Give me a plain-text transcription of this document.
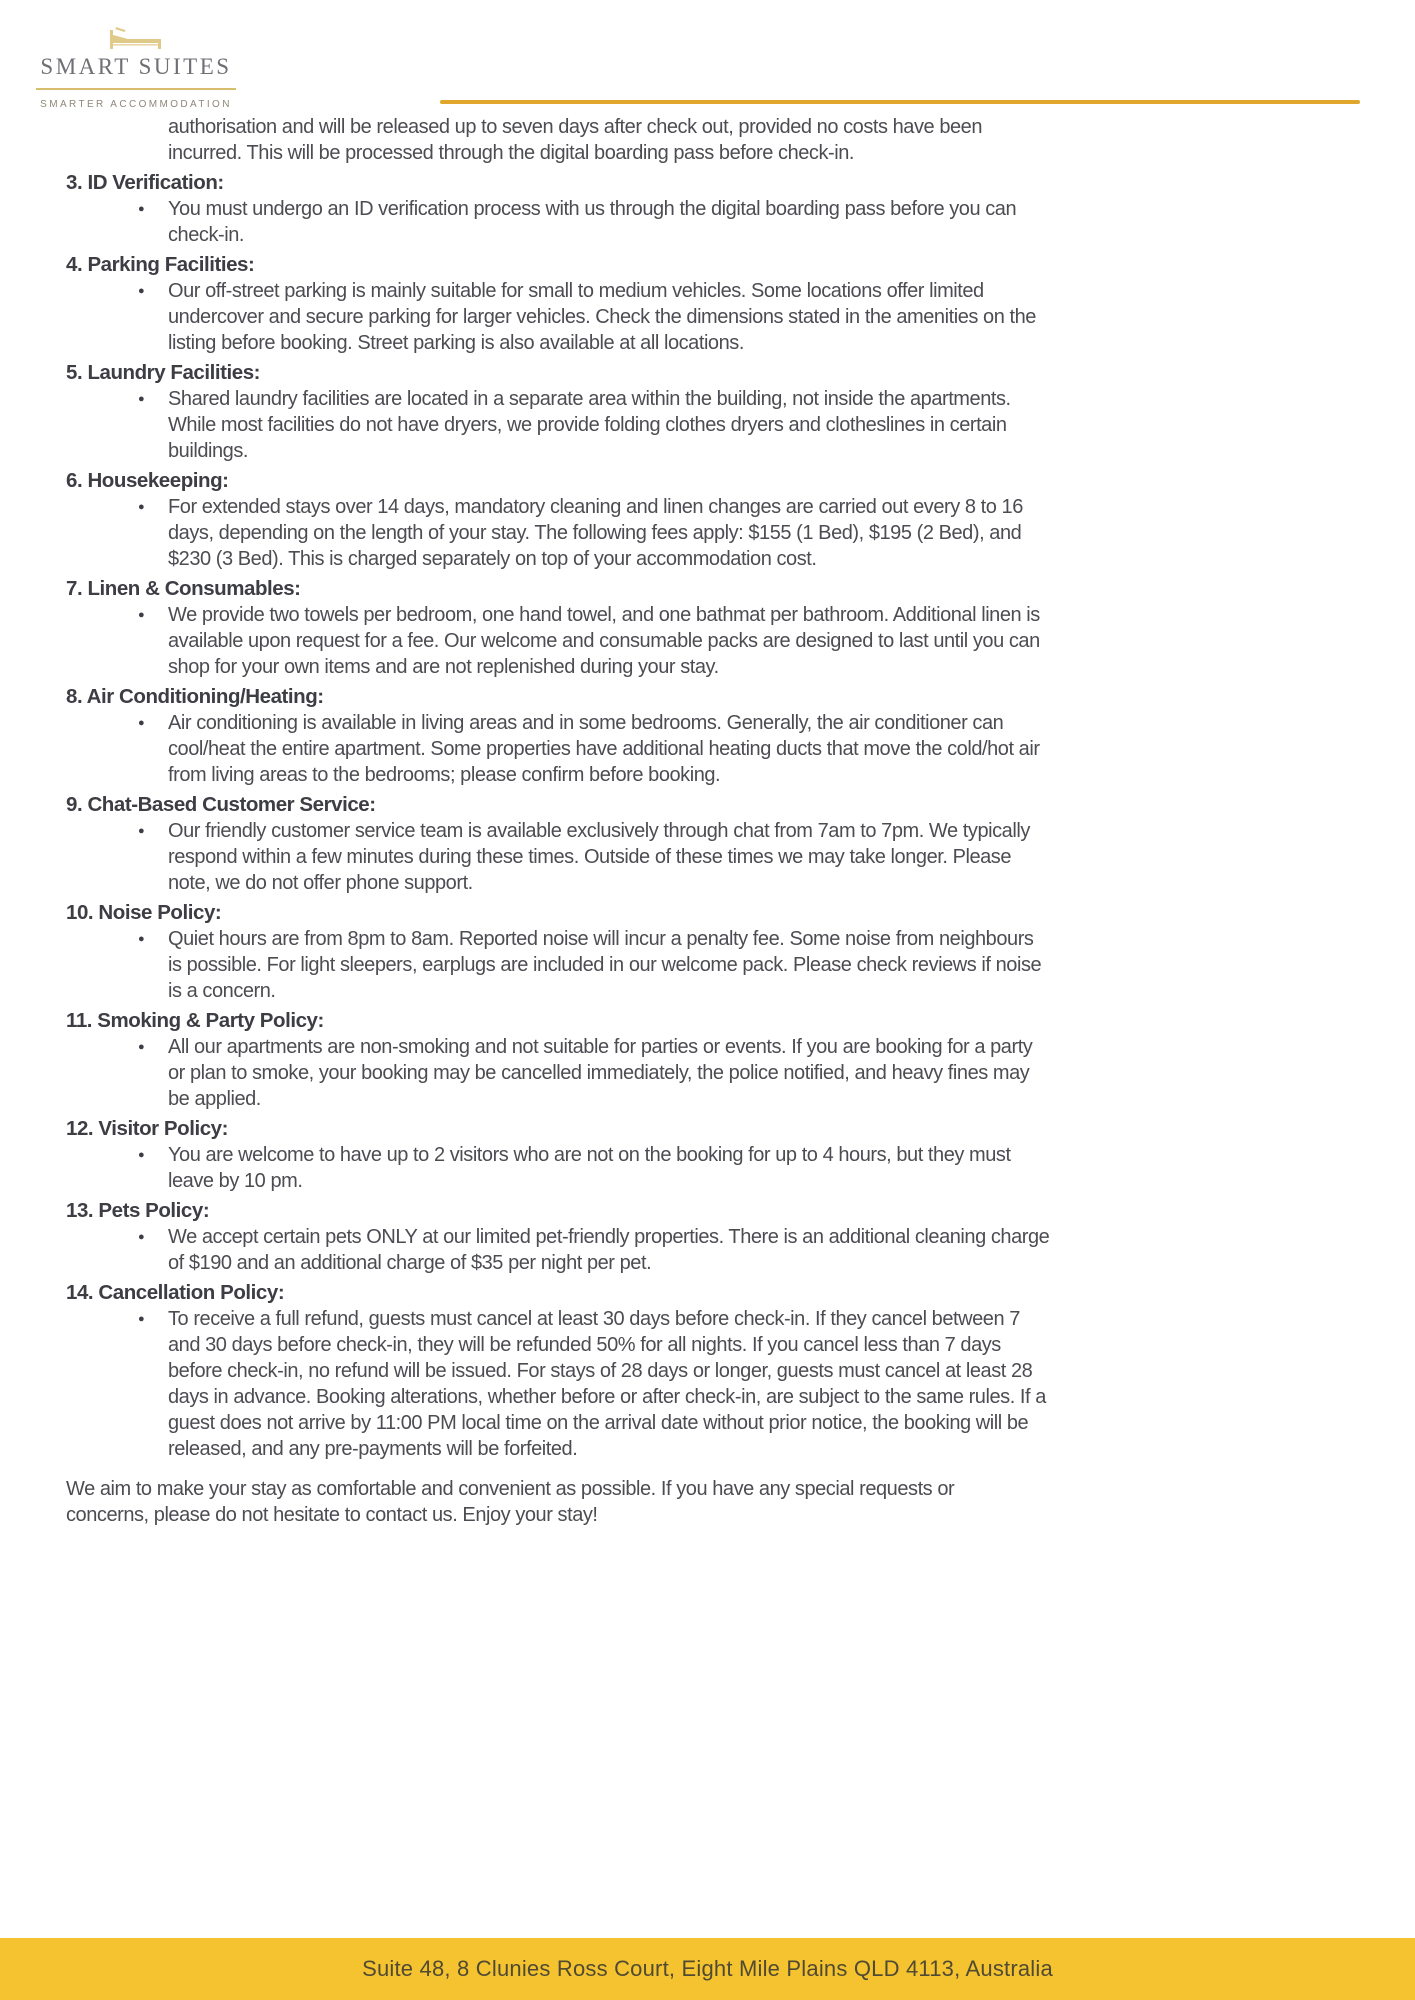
SMART SUITES
SMARTER ACCOMMODATION

authorisation and will be released up to seven days after check out, provided no costs have been incurred. This will be processed through the digital boarding pass before check-in.

3. ID Verification:
●	You must undergo an ID verification process with us through the digital boarding pass before you can check-in.
4. Parking Facilities:
●	Our off-street parking is mainly suitable for small to medium vehicles. Some locations offer limited undercover and secure parking for larger vehicles. Check the dimensions stated in the amenities on the listing before booking. Street parking is also available at all locations.
5. Laundry Facilities:
●	Shared laundry facilities are located in a separate area within the building, not inside the apartments. While most facilities do not have dryers, we provide folding clothes dryers and clotheslines in certain buildings.
6. Housekeeping:
●	For extended stays over 14 days, mandatory cleaning and linen changes are carried out every 8 to 16 days, depending on the length of your stay. The following fees apply: $155 (1 Bed), $195 (2 Bed), and $230 (3 Bed). This is charged separately on top of your accommodation cost.
7. Linen & Consumables:
●	We provide two towels per bedroom, one hand towel, and one bathmat per bathroom. Additional linen is available upon request for a fee. Our welcome and consumable packs are designed to last until you can shop for your own items and are not replenished during your stay.
8. Air Conditioning/Heating:
●	Air conditioning is available in living areas and in some bedrooms. Generally, the air conditioner can cool/heat the entire apartment. Some properties have additional heating ducts that move the cold/hot air from living areas to the bedrooms; please confirm before booking.
9. Chat-Based Customer Service:
●	Our friendly customer service team is available exclusively through chat from 7am to 7pm. We typically respond within a few minutes during these times. Outside of these times we may take longer. Please note, we do not offer phone support.
10. Noise Policy:
●	Quiet hours are from 8pm to 8am. Reported noise will incur a penalty fee. Some noise from neighbours is possible. For light sleepers, earplugs are included in our welcome pack. Please check reviews if noise is a concern.
11. Smoking & Party Policy:
●	All our apartments are non-smoking and not suitable for parties or events. If you are booking for a party or plan to smoke, your booking may be cancelled immediately, the police notified, and heavy fines may be applied.
12. Visitor Policy:
●	You are welcome to have up to 2 visitors who are not on the booking for up to 4 hours, but they must leave by 10 pm.
13. Pets Policy:
●	We accept certain pets ONLY at our limited pet-friendly properties. There is an additional cleaning charge of $190 and an additional charge of $35 per night per pet.
14. Cancellation Policy:
●	To receive a full refund, guests must cancel at least 30 days before check-in. If they cancel between 7 and 30 days before check-in, they will be refunded 50% for all nights. If you cancel less than 7 days before check-in, no refund will be issued. For stays of 28 days or longer, guests must cancel at least 28 days in advance. Booking alterations, whether before or after check-in, are subject to the same rules. If a guest does not arrive by 11:00 PM local time on the arrival date without prior notice, the booking will be released, and any pre-payments will be forfeited.

We aim to make your stay as comfortable and convenient as possible. If you have any special requests or concerns, please do not hesitate to contact us. Enjoy your stay!

Suite 48, 8 Clunies Ross Court, Eight Mile Plains QLD 4113, Australia
